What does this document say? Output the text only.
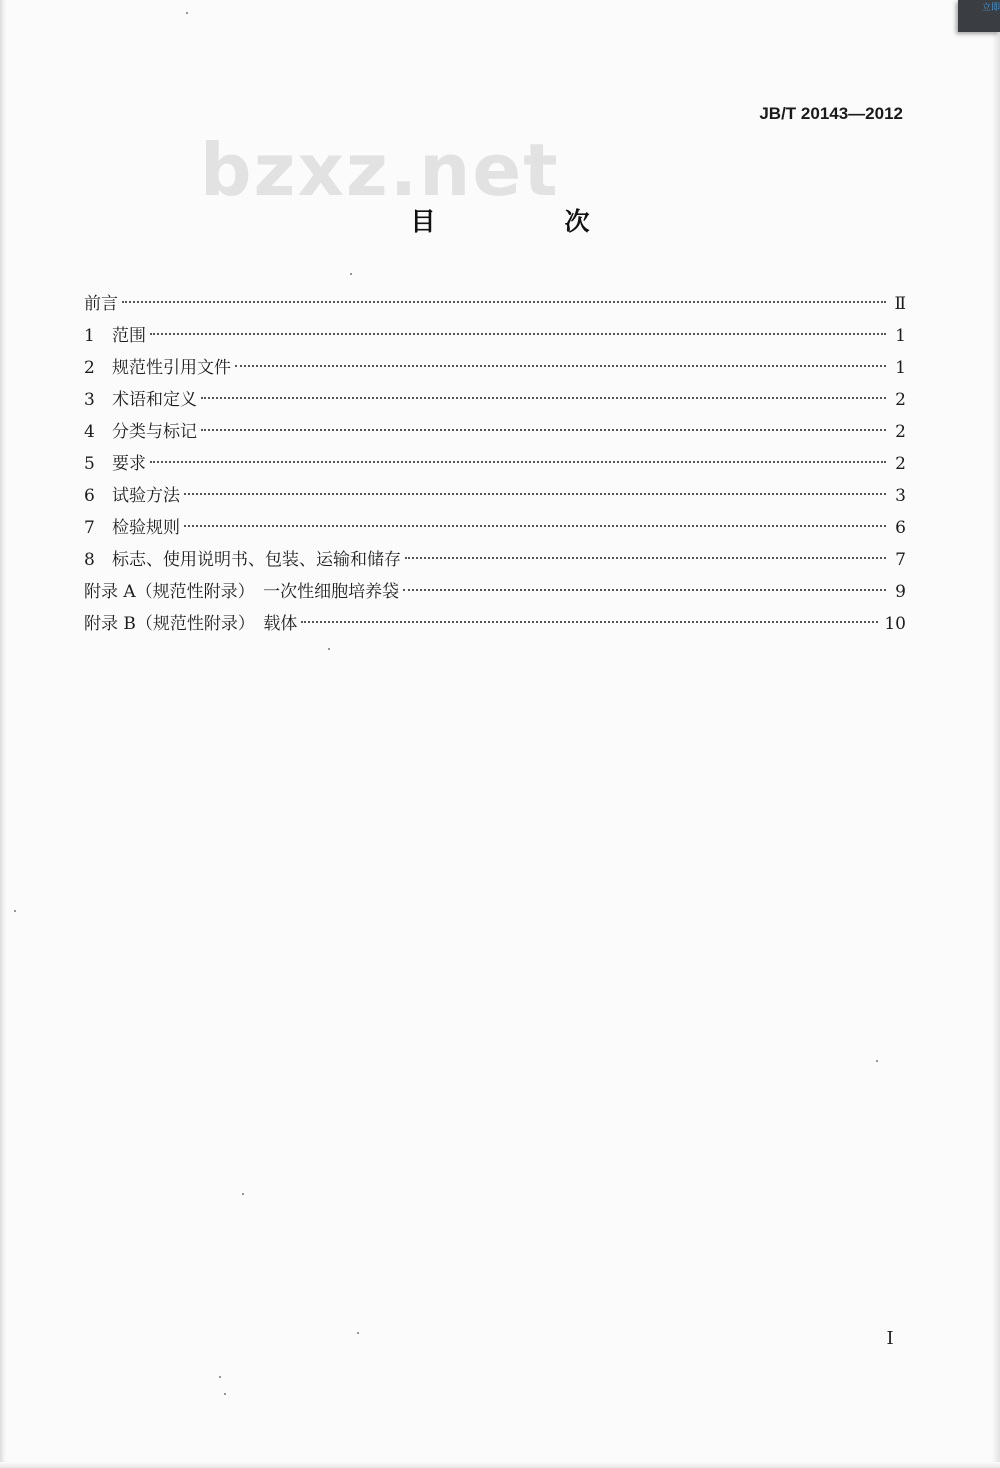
立即
JB/T 20143—2012
bzxz.net
目　次
前言	Ⅱ
1	范围	1
2	规范性引用文件	1
3	术语和定义	2
4	分类与标记	2
5	要求	2
6	试验方法	3
7	检验规则	6
8	标志、使用说明书、包装、运输和储存	7
附录 A（规范性附录）　一次性细胞培养袋	9
附录 B（规范性附录）　载体	10
I
